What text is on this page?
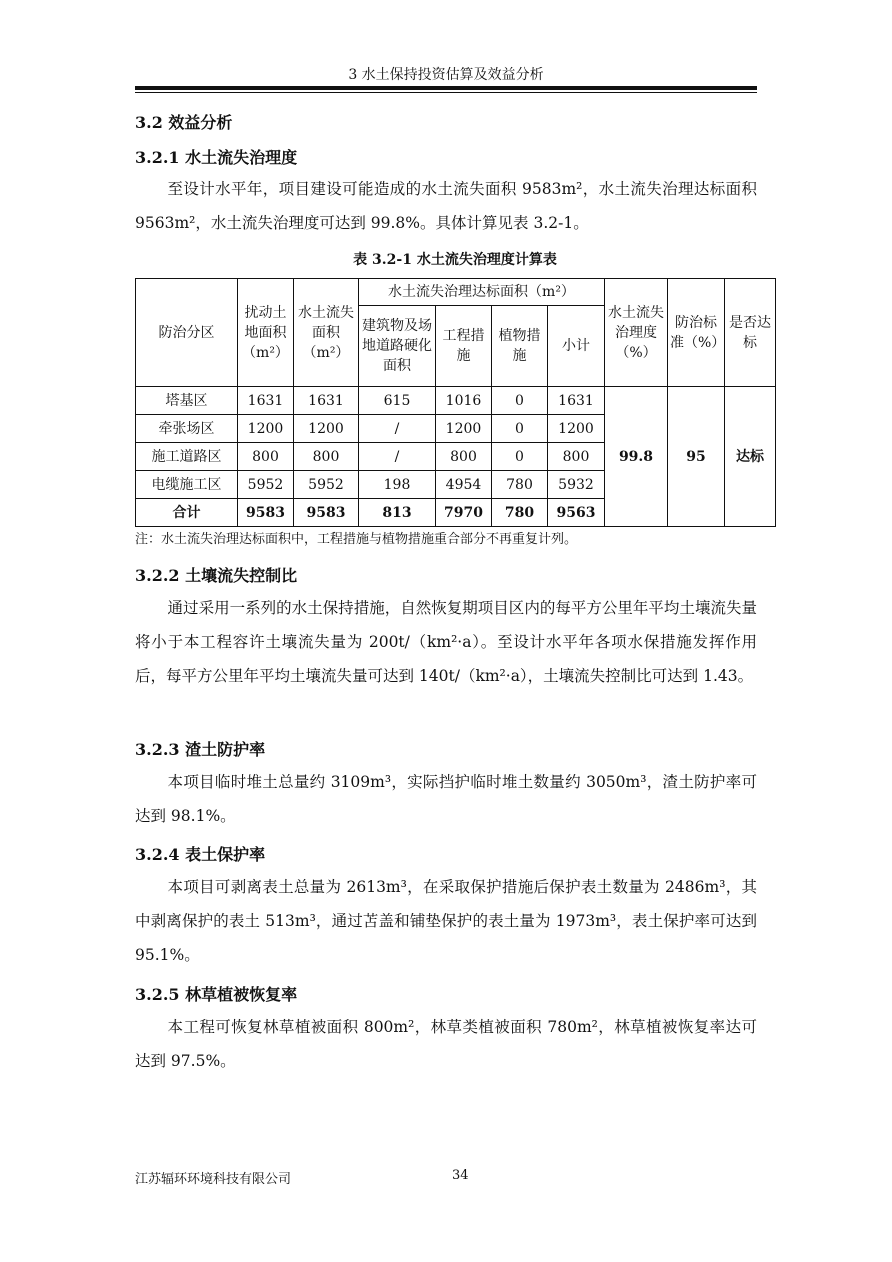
3 水土保持投资估算及效益分析
3.2 效益分析
3.2.1 水土流失治理度
至设计水平年，项目建设可能造成的水土流失面积 9583m²，水土流失治理达标面积 9563m²，水土流失治理度可达到 99.8%。具体计算见表 3.2-1。
表 3.2-1 水土流失治理度计算表
防治分区	扰动土地面积（m²）	水土流失面积（m²）	水土流失治理达标面积（m²）				水土流失治理度（%）	防治标准（%）	是否达标
			建筑物及场地道路硬化面积	工程措施	植物措施	小计			
塔基区	1631	1631	615	1016	0	1631	99.8	95	达标
牵张场区	1200	1200	/	1200	0	1200			
施工道路区	800	800	/	800	0	800			
电缆施工区	5952	5952	198	4954	780	5932			
合计	9583	9583	813	7970	780	9563			
注：水土流失治理达标面积中，工程措施与植物措施重合部分不再重复计列。
3.2.2 土壤流失控制比
通过采用一系列的水土保持措施，自然恢复期项目区内的每平方公里年平均土壤流失量将小于本工程容许土壤流失量为 200t/（km²·a）。至设计水平年各项水保措施发挥作用后，每平方公里年平均土壤流失量可达到 140t/（km²·a），土壤流失控制比可达到 1.43。
3.2.3 渣土防护率
本项目临时堆土总量约 3109m³，实际挡护临时堆土数量约 3050m³，渣土防护率可达到 98.1%。
3.2.4 表土保护率
本项目可剥离表土总量为 2613m³，在采取保护措施后保护表土数量为 2486m³，其中剥离保护的表土 513m³，通过苫盖和铺垫保护的表土量为 1973m³，表土保护率可达到 95.1%。
3.2.5 林草植被恢复率
本工程可恢复林草植被面积 800m²，林草类植被面积 780m²，林草植被恢复率达可达到 97.5%。
江苏辐环环境科技有限公司	34
